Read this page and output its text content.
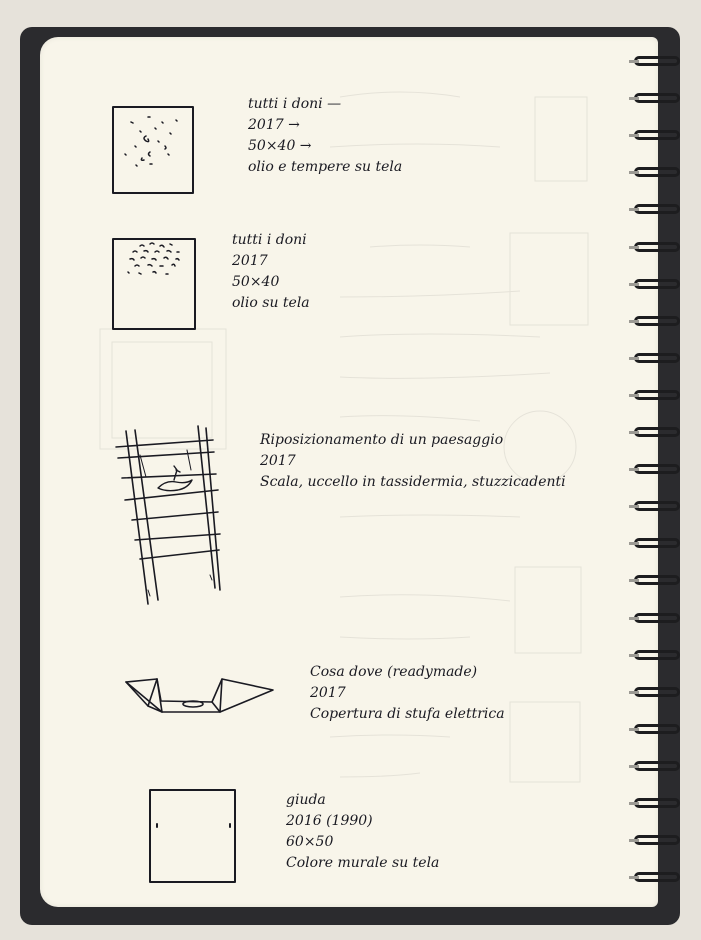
tutti i doni —
2017 →
50×40 →
olio e tempere su tela
tutti i doni
2017
50×40
olio su tela
Riposizionamento di un paesaggio
2017
Scala, uccello in tassidermia, stuzzicadenti
Cosa dove (readymade)
2017
Copertura di stufa elettrica
giuda
2016 (1990)
60×50
Colore murale su tela
